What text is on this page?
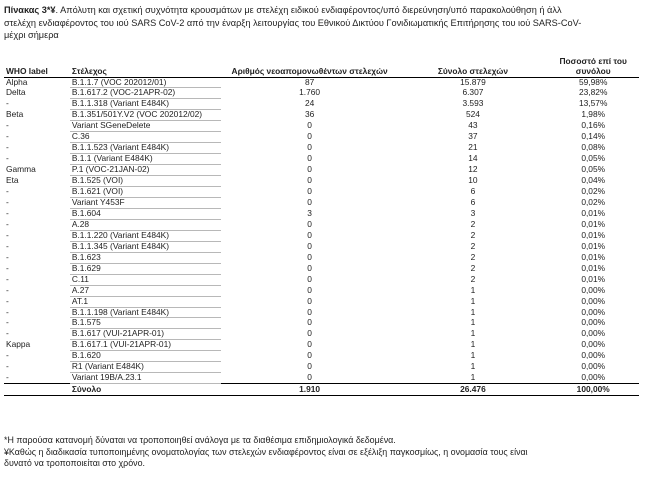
Πίνακας 3*¥. Απόλυτη και σχετική συχνότητα κρουσμάτων με στελέχη ειδικού ενδιαφέροντος/υπό διερεύνηση/υπό παρακολούθηση ή άλλ
στελέχη ενδιαφέροντος του ιού SARS CoV-2 από την έναρξη λειτουργίας του Εθνικού Δικτύου Γονιδιωματικής Επιτήρησης του ιού SARS-CoV-
μέχρι σήμερα
WHO label	Στέλεχος	Αριθμός νεοαπομονωθέντων στελεχών	Σύνολο στελεχών	Ποσοστό επί του συνόλου
Alpha	B.1.1.7 (VOC 202012/01)	87	15.879	59,98%
Delta	B.1.617.2 (VOC-21APR-02)	1.760	6.307	23,82%
-	B.1.1.318 (Variant E484K)	24	3.593	13,57%
Beta	B.1.351/501Y.V2 (VOC 202012/02)	36	524	1,98%
-	Variant SGeneDelete	0	43	0,16%
-	C.36	0	37	0,14%
-	B.1.1.523 (Variant E484K)	0	21	0,08%
-	B.1.1 (Variant E484K)	0	14	0,05%
Gamma	P.1 (VOC-21JAN-02)	0	12	0,05%
Eta	B.1.525 (VOI)	0	10	0,04%
-	B.1.621 (VOI)	0	6	0,02%
-	Variant Y453F	0	6	0,02%
-	B.1.604	3	3	0,01%
-	A.28	0	2	0,01%
-	B.1.1.220 (Variant E484K)	0	2	0,01%
-	B.1.1.345 (Variant E484K)	0	2	0,01%
-	B.1.623	0	2	0,01%
-	B.1.629	0	2	0,01%
-	C.11	0	2	0,01%
-	A.27	0	1	0,00%
-	AT.1	0	1	0,00%
-	B.1.1.198 (Variant E484K)	0	1	0,00%
-	B.1.575	0	1	0,00%
-	B.1.617 (VUI-21APR-01)	0	1	0,00%
Kappa	B.1.617.1 (VUI-21APR-01)	0	1	0,00%
-	B.1.620	0	1	0,00%
-	R1 (Variant E484K)	0	1	0,00%
-	Variant 19B/A.23.1	0	1	0,00%
	Σύνολο	1.910	26.476	100,00%
*Η παρούσα κατανομή δύναται να τροποποιηθεί ανάλογα με τα διαθέσιμα επιδημιολογικά δεδομένα.
¥Καθώς η διαδικασία τυποποιημένης ονοματολογίας των στελεχών ενδιαφέροντος είναι σε εξέλιξη παγκοσμίως, η ονομασία τους είναι
δυνατό να τροποποιείται στο χρόνο.
